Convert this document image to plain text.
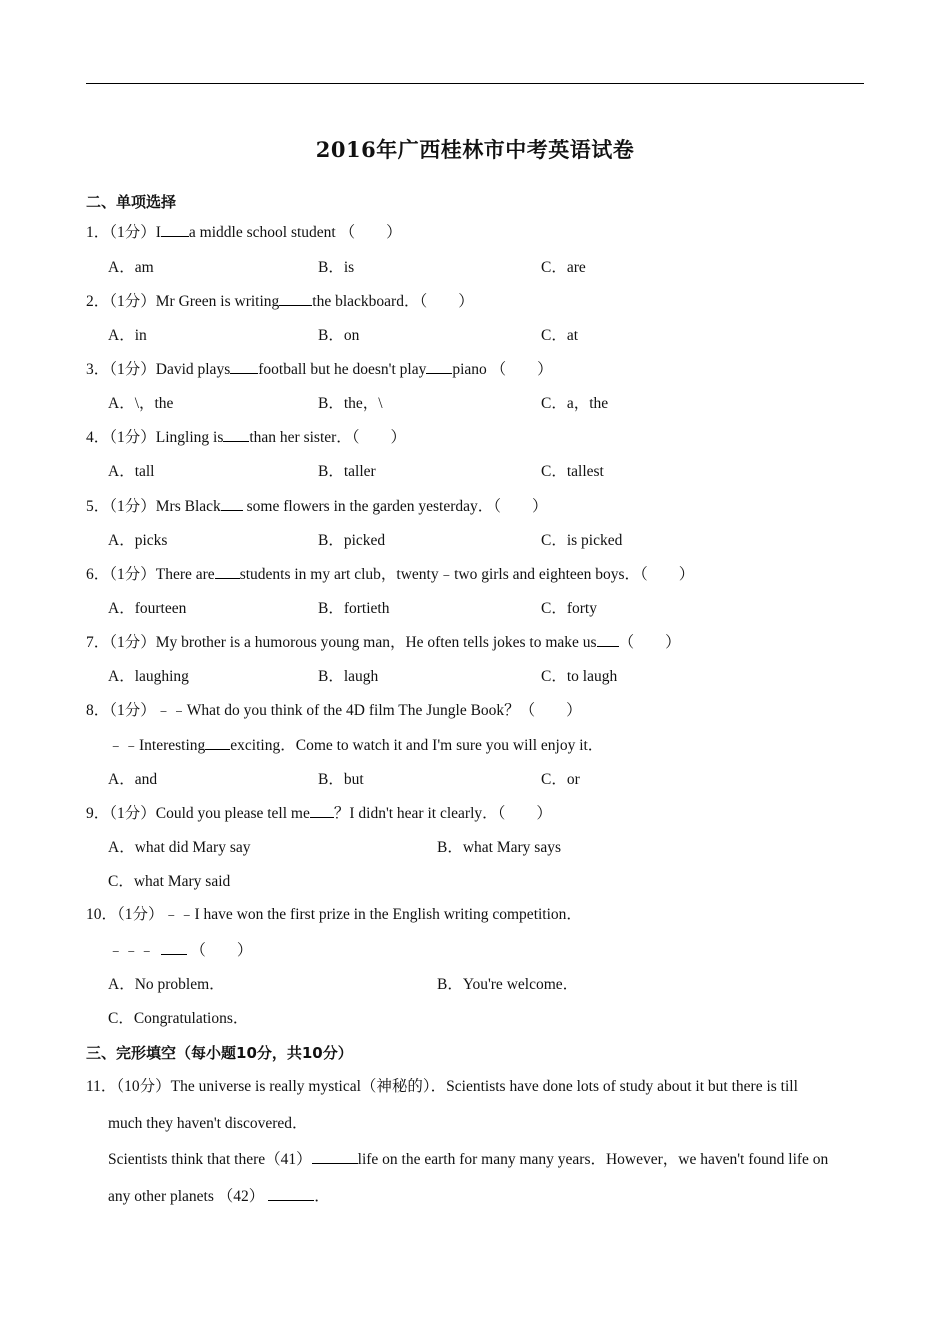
2016年广西桂林市中考英语试卷
二、单项选择
1．（1分）I a middle school student （　　）
A．am	B．is	C．are
2．（1分）Mr Green is writing the blackboard．（　　）
A．in	B．on	C．at
3．（1分）David plays football but he doesn't play piano （　　）
A．\，the	B．the，\	C．a，the
4．（1分）Lingling is than her sister．（　　）
A．tall	B．taller	C．tallest
5．（1分）Mrs Black some flowers in the garden yesterday．（　　）
A．picks	B．picked	C．is picked
6．（1分）There are students in my art club，twenty﹣two girls and eighteen boys．（　　）
A．fourteen	B．fortieth	C．forty
7．（1分）My brother is a humorous young man，He often tells jokes to make us （　　）
A．laughing	B．laugh	C．to laugh
8．（1分）﹣﹣What do you think of the 4D film The Jungle Book？（　　）
﹣﹣Interesting exciting．Come to watch it and I'm sure you will enjoy it．
A．and	B．but	C．or
9．（1分）Could you please tell me ？I didn't hear it clearly．（　　）
A．what did Mary say	B．what Mary says
C．what Mary said
10．（1分）﹣﹣I have won the first prize in the English writing competition．
﹣﹣﹣ （　　）
A．No problem．	B．You're welcome．
C．Congratulations．
三、完形填空（每小题10分，共10分）
11．（10分）The universe is really mystical（神秘的）．Scientists have done lots of study about it but there is till
much they haven't discovered．
Scientists think that there（41）	life on the earth for many many years．However，we haven't found life on
any other planets （42）	．
